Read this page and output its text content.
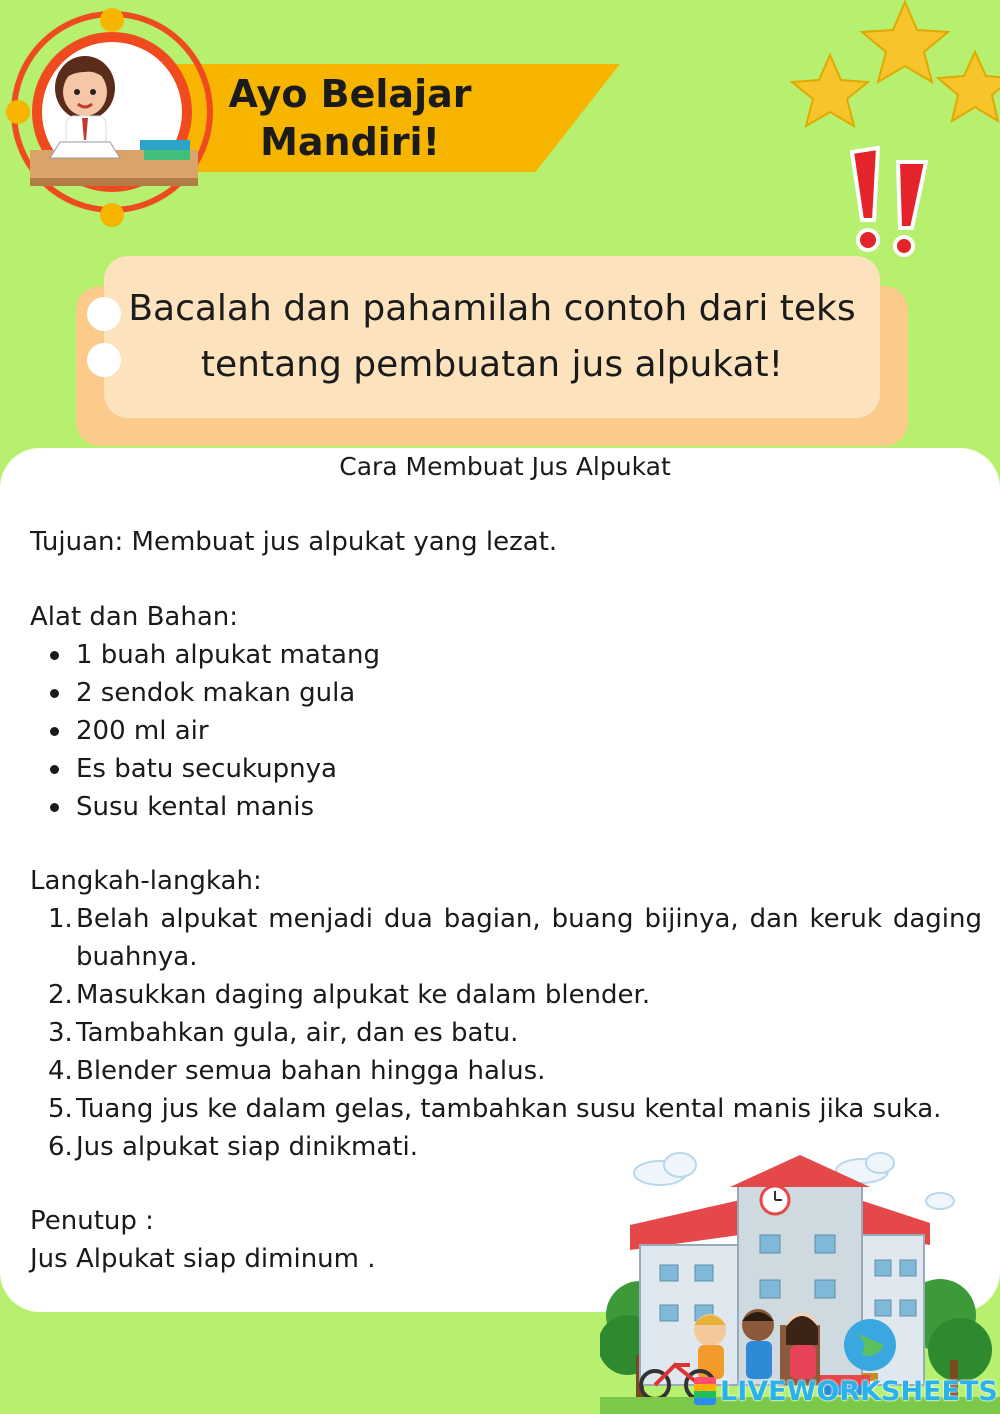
Ayo Belajar
Mandiri!
Bacalah dan pahamilah contoh dari teks tentang pembuatan jus alpukat!
Cara Membuat Jus Alpukat
Tujuan: Membuat jus alpukat yang lezat.
Alat dan Bahan:
1 buah alpukat matang
2 sendok makan gula
200 ml air
Es batu secukupnya
Susu kental manis
Langkah-langkah:
1. Belah alpukat menjadi dua bagian, buang bijinya, dan keruk daging
buahnya.
2. Masukkan daging alpukat ke dalam blender.
3. Tambahkan gula, air, dan es batu.
4. Blender semua bahan hingga halus.
5. Tuang jus ke dalam gelas, tambahkan susu kental manis jika suka.
6. Jus alpukat siap dinikmati.
Penutup :
Jus Alpukat siap diminum .
LIVEWORKSHEETS
